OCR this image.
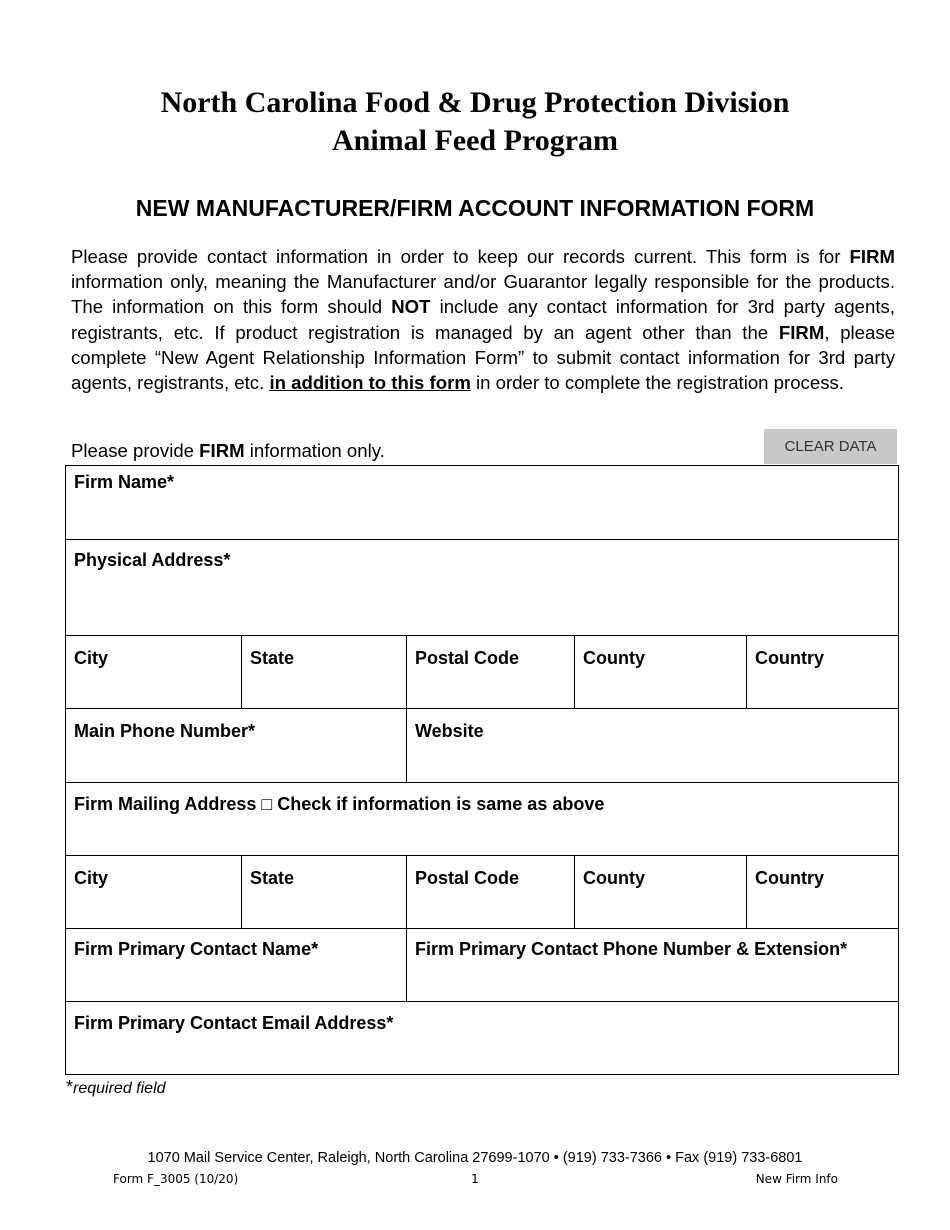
North Carolina Food & Drug Protection Division
Animal Feed Program
NEW MANUFACTURER/FIRM ACCOUNT INFORMATION FORM
Please provide contact information in order to keep our records current. This form is for FIRM information only, meaning the Manufacturer and/or Guarantor legally responsible for the products. The information on this form should NOT include any contact information for 3rd party agents, registrants, etc. If product registration is managed by an agent other than the FIRM, please complete “New Agent Relationship Information Form” to submit contact information for 3rd party agents, registrants, etc. in addition to this form in order to complete the registration process.
Please provide FIRM information only.	CLEAR DATA
Firm Name*
Physical Address*
City	State	Postal Code	County	Country
Main Phone Number*	Website
Firm Mailing Address □ Check if information is same as above
City	State	Postal Code	County	Country
Firm Primary Contact Name*	Firm Primary Contact Phone Number & Extension*
Firm Primary Contact Email Address*
*required field
1070 Mail Service Center, Raleigh, North Carolina 27699-1070 • (919) 733-7366 • Fax (919) 733-6801
Form F_3005 (10/20)	1	New Firm Info
